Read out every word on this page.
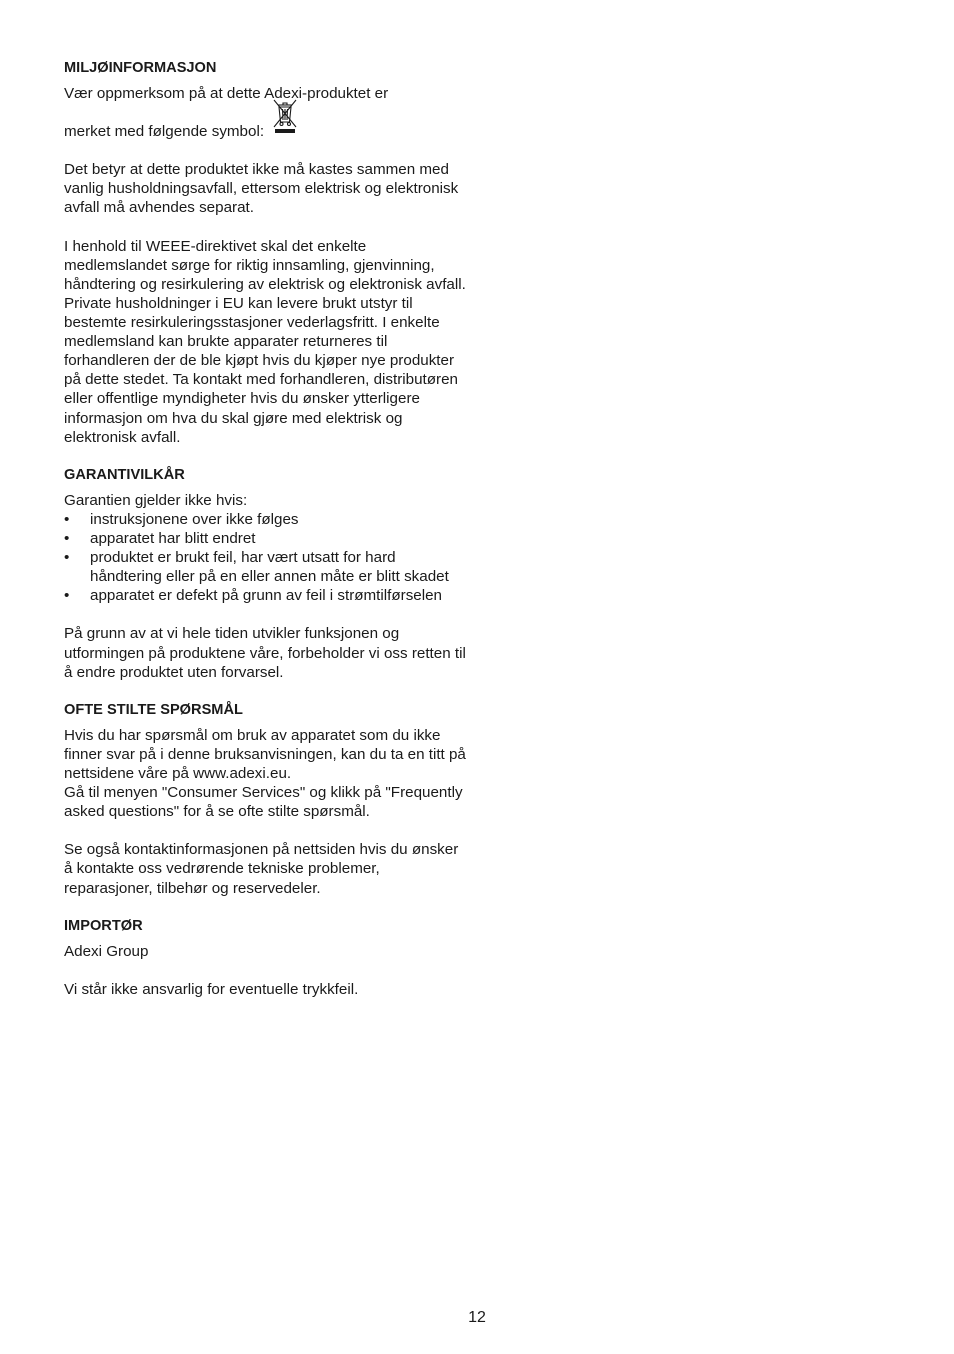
MILJØINFORMASJON

Vær oppmerksom på at dette Adexi-produktet er

merket med følgende symbol:

Det betyr at dette produktet ikke må kastes sammen med vanlig husholdningsavfall, ettersom elektrisk og elektronisk avfall må avhendes separat.

I henhold til WEEE-direktivet skal det enkelte medlemslandet sørge for riktig innsamling, gjenvinning, håndtering og resirkulering av elektrisk og elektronisk avfall. Private husholdninger i EU kan levere brukt utstyr til bestemte resirkuleringsstasjoner vederlagsfritt. I enkelte medlemsland kan brukte apparater returneres til forhandleren der de ble kjøpt hvis du kjøper nye produkter på dette stedet. Ta kontakt med forhandleren, distributøren eller offentlige myndigheter hvis du ønsker ytterligere informasjon om hva du skal gjøre med elektrisk og elektronisk avfall.

GARANTIVILKÅR

Garantien gjelder ikke hvis:

• instruksjonene over ikke følges
• apparatet har blitt endret
• produktet er brukt feil, har vært utsatt for hard håndtering eller på en eller annen måte er blitt skadet
• apparatet er defekt på grunn av feil i strømtilførselen

På grunn av at vi hele tiden utvikler funksjonen og utformingen på produktene våre, forbeholder vi oss retten til å endre produktet uten forvarsel.

OFTE STILTE SPØRSMÅL

Hvis du har spørsmål om bruk av apparatet som du ikke finner svar på i denne bruksanvisningen, kan du ta en titt på nettsidene våre på www.adexi.eu.

Gå til menyen "Consumer Services" og klikk på "Frequently asked questions" for å se ofte stilte spørsmål.

Se også kontaktinformasjonen på nettsiden hvis du ønsker å kontakte oss vedrørende tekniske problemer, reparasjoner, tilbehør og reservedeler.

IMPORTØR

Adexi Group

Vi står ikke ansvarlig for eventuelle trykkfeil.

12
